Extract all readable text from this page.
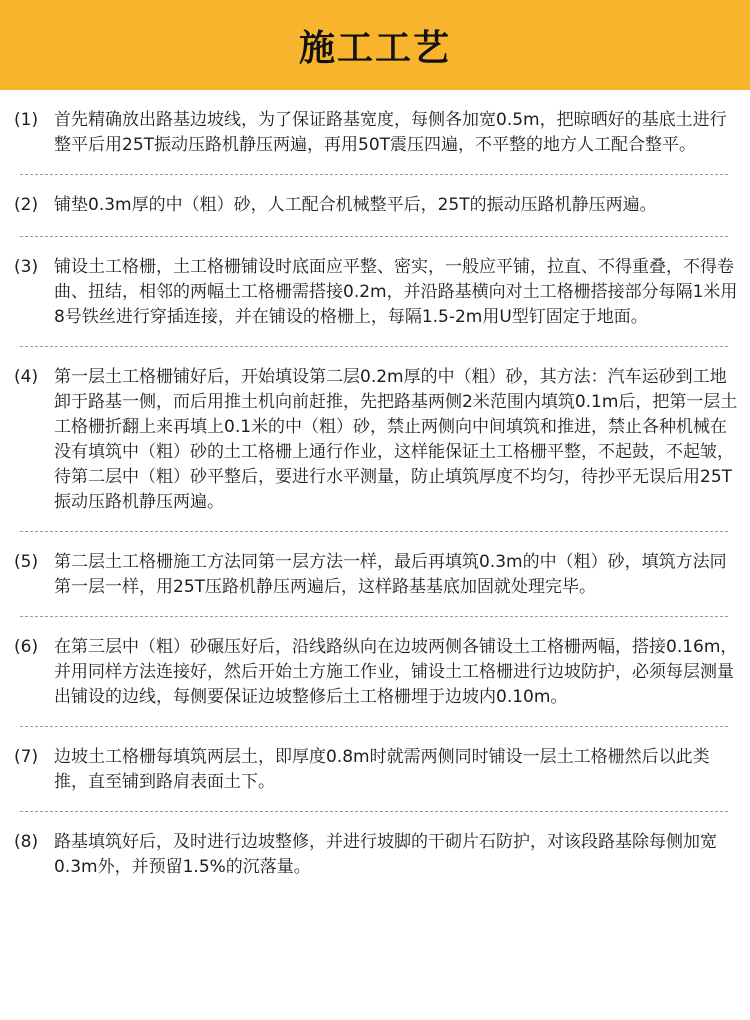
施工工艺
(1) 首先精确放出路基边坡线，为了保证路基宽度，每侧各加宽0.5m，把晾晒好的基底土进行整平后用25T振动压路机静压两遍，再用50T震压四遍，不平整的地方人工配合整平。
(2) 铺垫0.3m厚的中（粗）砂，人工配合机械整平后，25T的振动压路机静压两遍。
(3) 铺设土工格栅，土工格栅铺设时底面应平整、密实，一般应平铺，拉直、不得重叠，不得卷曲、扭结，相邻的两幅土工格栅需搭接0.2m，并沿路基横向对土工格栅搭接部分每隔1米用8号铁丝进行穿插连接，并在铺设的格栅上，每隔1.5-2m用U型钉固定于地面。
(4) 第一层土工格栅铺好后，开始填设第二层0.2m厚的中（粗）砂，其方法：汽车运砂到工地卸于路基一侧，而后用推土机向前赶推，先把路基两侧2米范围内填筑0.1m后，把第一层土工格栅折翻上来再填上0.1米的中（粗）砂，禁止两侧向中间填筑和推进，禁止各种机械在没有填筑中（粗）砂的土工格栅上通行作业，这样能保证土工格栅平整，不起鼓，不起皱，待第二层中（粗）砂平整后，要进行水平测量，防止填筑厚度不均匀，待抄平无误后用25T振动压路机静压两遍。
(5) 第二层土工格栅施工方法同第一层方法一样，最后再填筑0.3m的中（粗）砂，填筑方法同第一层一样，用25T压路机静压两遍后，这样路基基底加固就处理完毕。
(6) 在第三层中（粗）砂碾压好后，沿线路纵向在边坡两侧各铺设土工格栅两幅，搭接0.16m，并用同样方法连接好，然后开始土方施工作业，铺设土工格栅进行边坡防护，必须每层测量出铺设的边线，每侧要保证边坡整修后土工格栅埋于边坡内0.10m。
(7) 边坡土工格栅每填筑两层土，即厚度0.8m时就需两侧同时铺设一层土工格栅然后以此类推，直至铺到路肩表面土下。
(8) 路基填筑好后，及时进行边坡整修，并进行坡脚的干砌片石防护，对该段路基除每侧加宽0.3m外，并预留1.5%的沉落量。
